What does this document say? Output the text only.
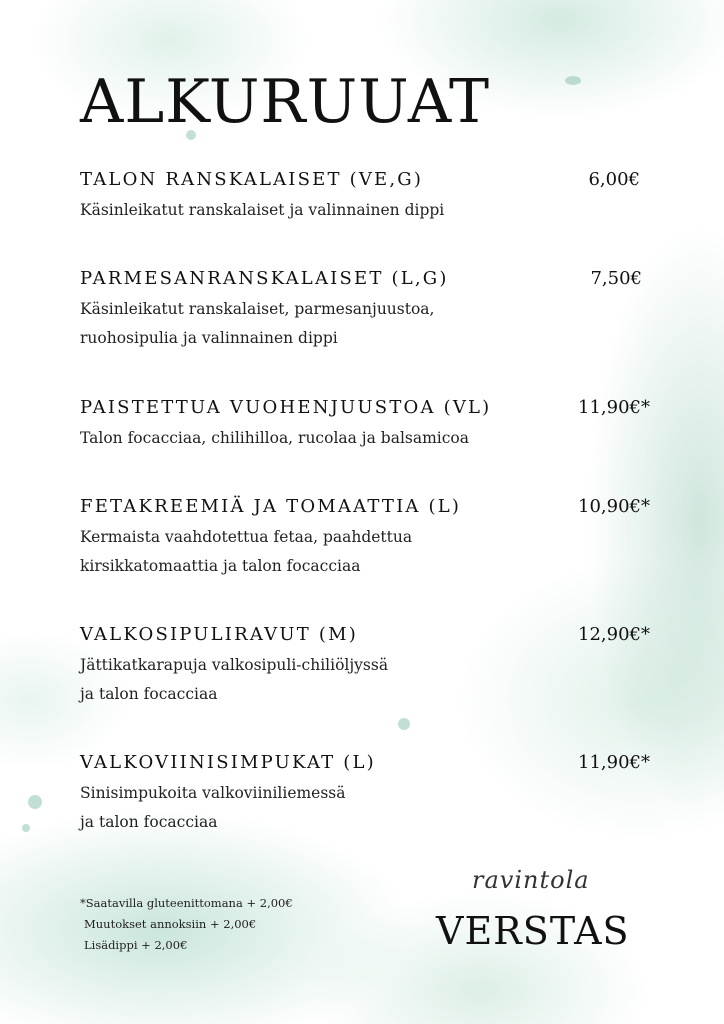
ALKURUUAT
TALON RANSKALAISET (VE,G)	6,00€
Käsinleikatut ranskalaiset ja valinnainen dippi
PARMESANRANSKALAISET (L,G)	7,50€
Käsinleikatut ranskalaiset, parmesanjuustoa,
ruohosipulia ja valinnainen dippi
PAISTETTUA VUOHENJUUSTOA (VL)	11,90€*
Talon focacciaa, chilihilloa, rucolaa ja balsamicoa
FETAKREEMIÄ JA TOMAATTIA (L)	10,90€*
Kermaista vaahdotettua fetaa, paahdettua
kirsikkatomaattia ja talon focacciaa
VALKOSIPULIRAVUT (M)	12,90€*
Jättikatkarapuja valkosipuli-chiliöljyssä
ja talon focacciaa
VALKOVIINISIMPUKAT (L)	11,90€*
Sinisimpukoita valkoviiniliemessä
ja talon focacciaa
*Saatavilla gluteenittomana + 2,00€
Muutokset annoksiin + 2,00€
Lisädippi + 2,00€
ravintola
VERSTAS
